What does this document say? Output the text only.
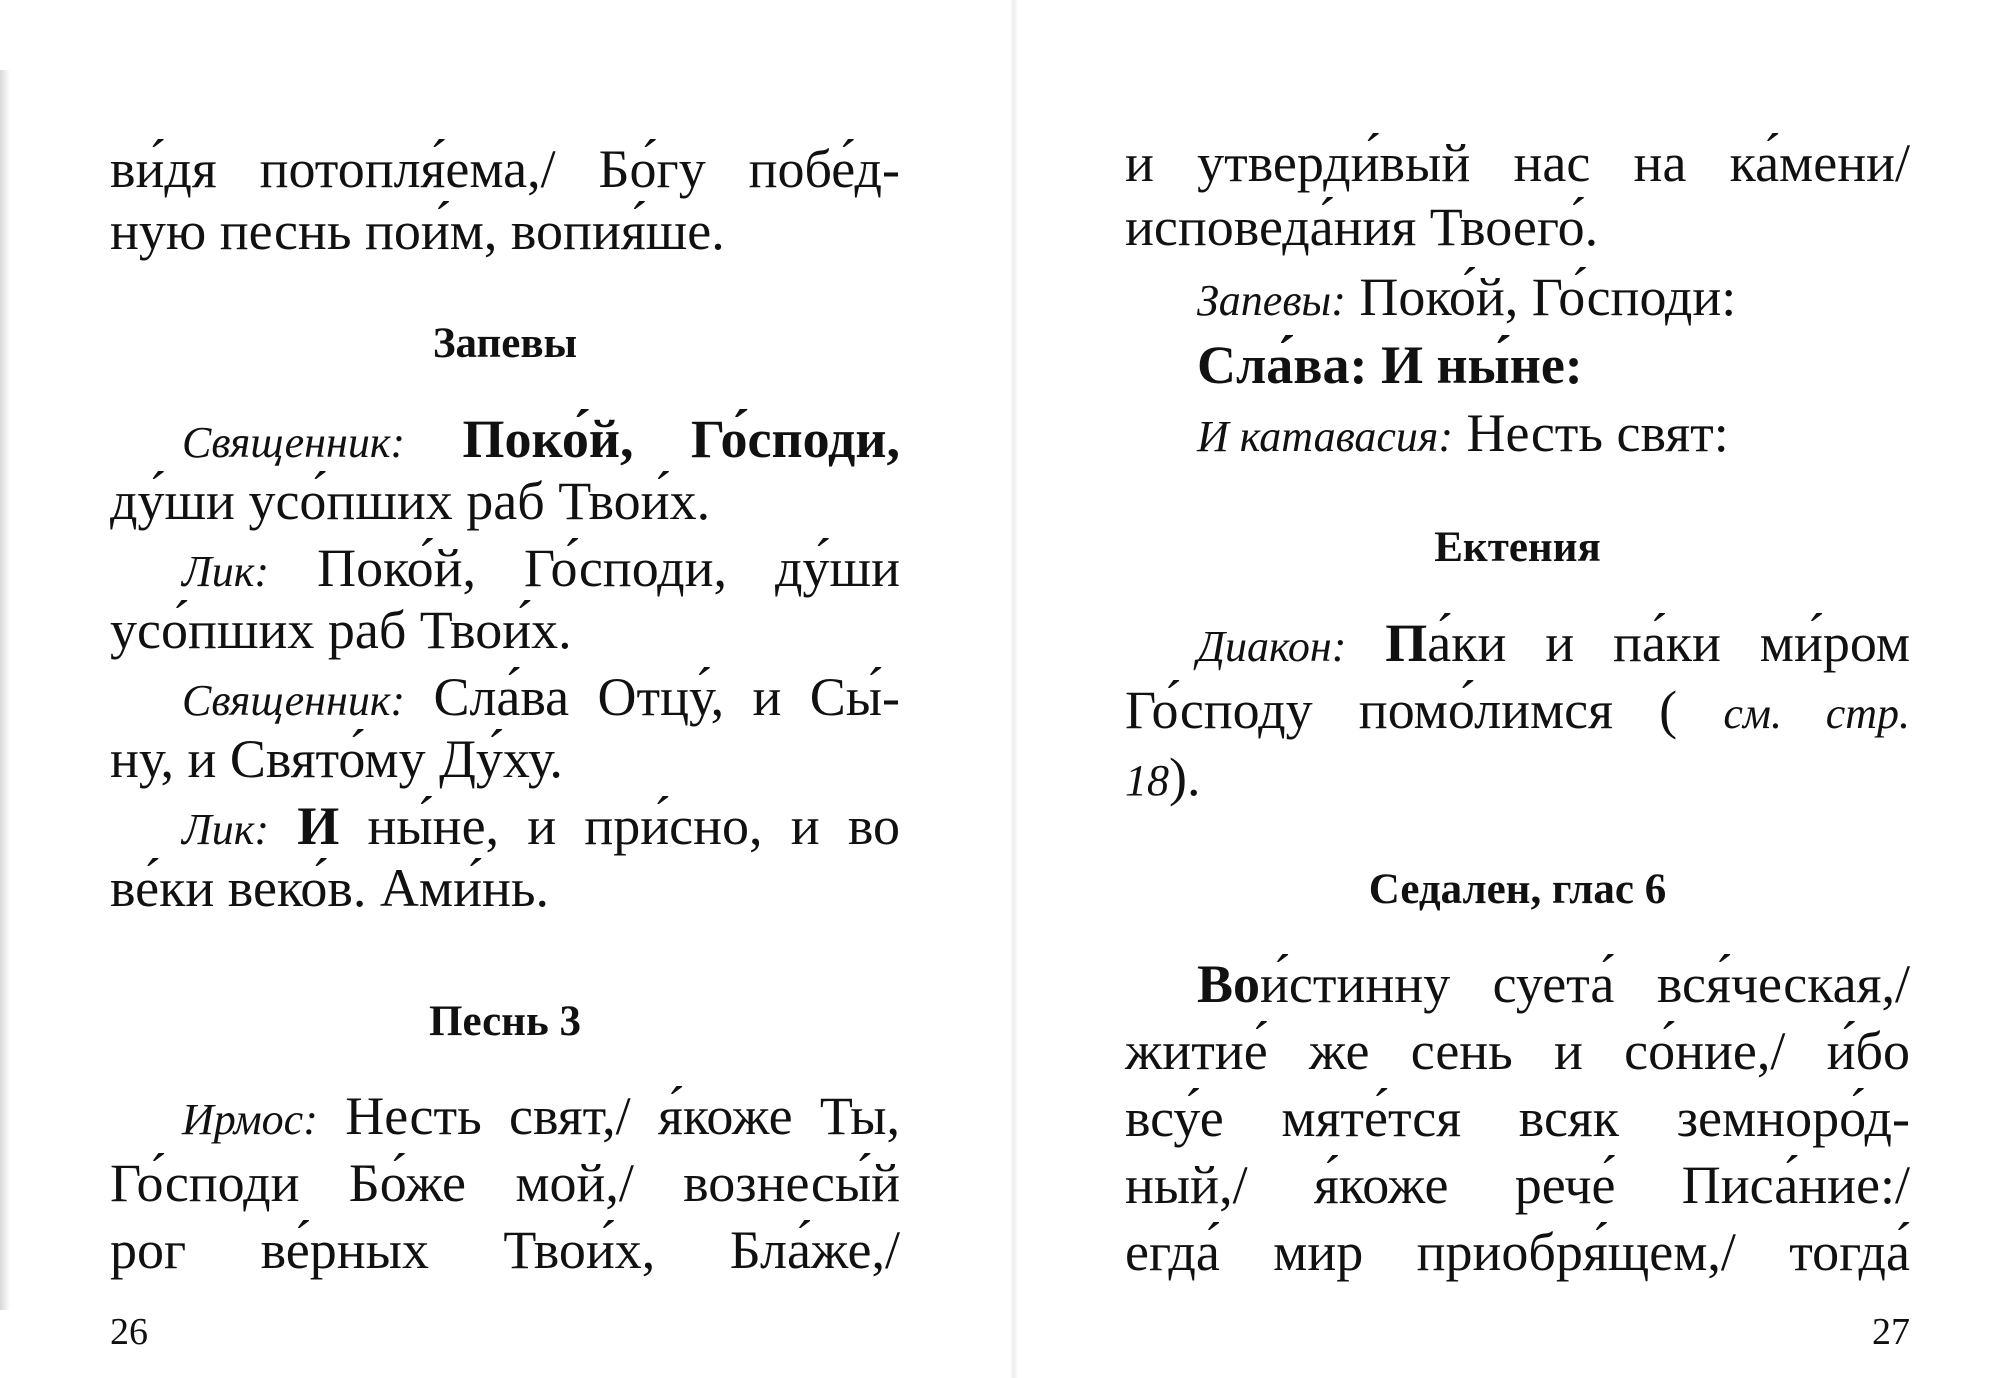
ви́дя потопля́ема,/ Бо́гу побе́д-
ную песнь пои́м, вопия́ше.
Запевы
Священник: Поко́й, Го́споди,
ду́ши усо́пших раб Твои́х.
Лик: Поко́й, Го́споди, ду́ши
усо́пших раб Твои́х.
Священник: Сла́ва Отцу́, и Сы́-
ну, и Свято́му Ду́ху.
Лик: И ны́не, и при́сно, и во
ве́ки веко́в. Ами́нь.
Песнь 3
Ирмос: Несть свят,/ я́коже Ты,
Го́споди Бо́же мой,/ вознесы́й
рог ве́рных Твои́х, Бла́же,/
26
и утверди́вый нас на ка́мени/
исповеда́ния Твоего́.
Запевы: Поко́й, Го́споди:
Сла́ва: И ны́не:
И катавасия: Несть свят:
Ектения
Диакон: Па́ки и па́ки ми́ром
Го́споду помо́лимся ( см. стр.
18).
Седален, глас 6
Вои́стинну суета́ вся́ческая,/
житие́ же сень и со́ние,/ и́бо
всу́е мяте́тся всяк земноро́д-
ный,/ я́коже рече́ Писа́ние:/
егда́ мир приобря́щем,/ тогда́
27
